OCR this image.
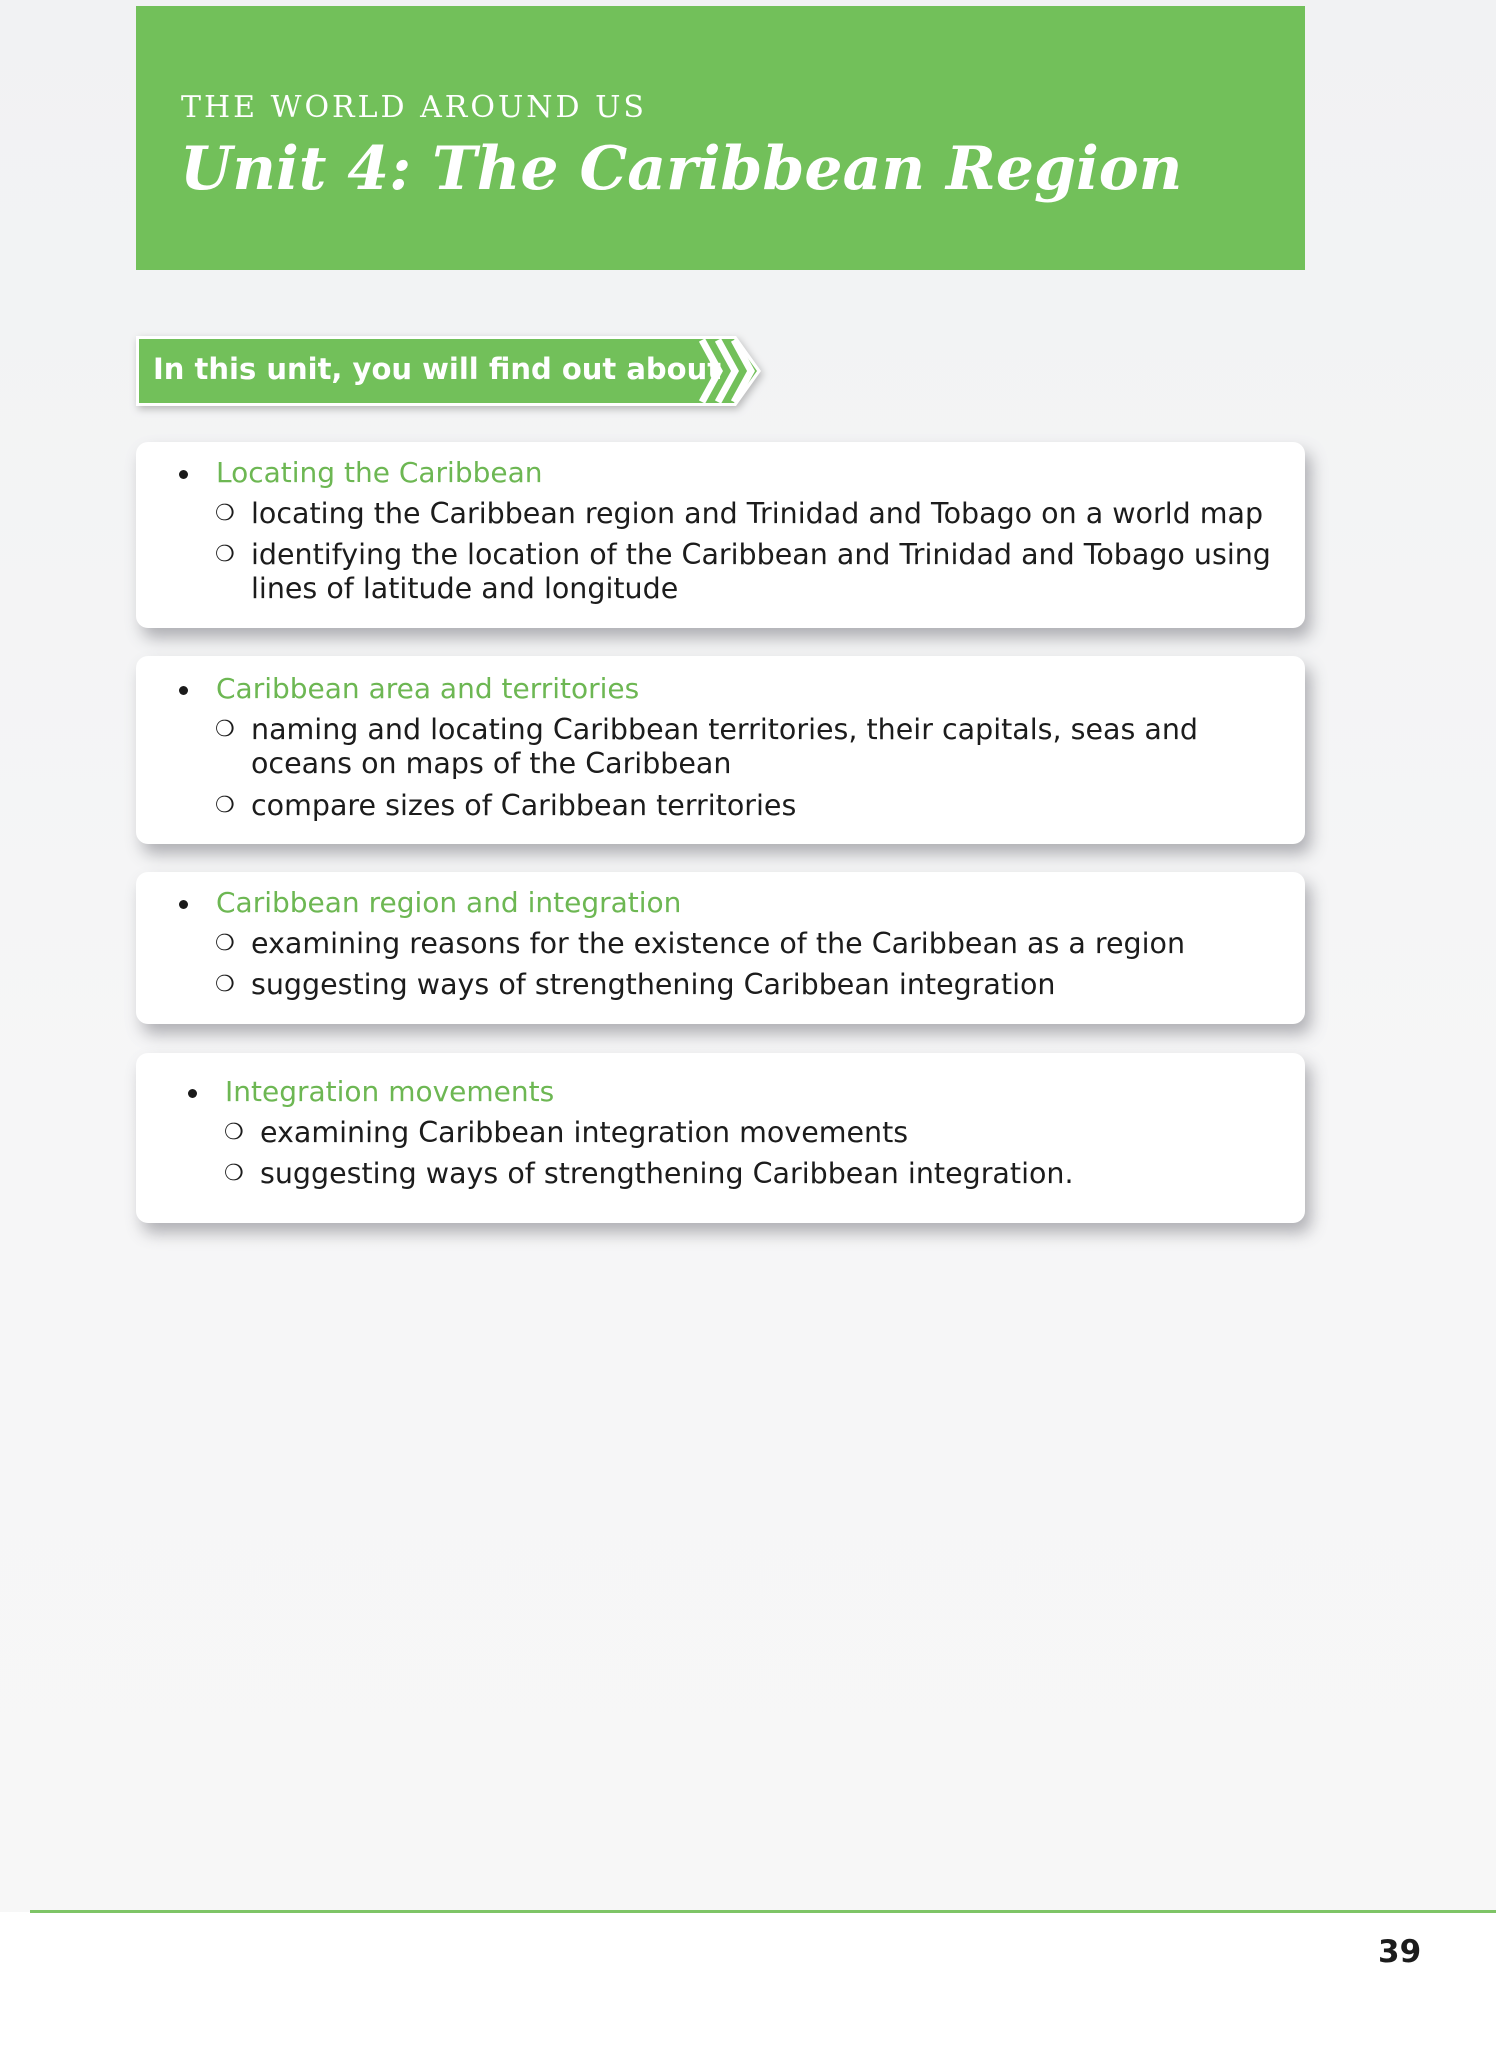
THE WORLD AROUND US
Unit 4: The Caribbean Region
In this unit, you will find out about
Locating the Caribbean
❍ locating the Caribbean region and Trinidad and Tobago on a world map
❍ identifying the location of the Caribbean and Trinidad and Tobago using lines of latitude and longitude
Caribbean area and territories
❍ naming and locating Caribbean territories, their capitals, seas and oceans on maps of the Caribbean
❍ compare sizes of Caribbean territories
Caribbean region and integration
❍ examining reasons for the existence of the Caribbean as a region
❍ suggesting ways of strengthening Caribbean integration
Integration movements
❍ examining Caribbean integration movements
❍ suggesting ways of strengthening Caribbean integration.
39
